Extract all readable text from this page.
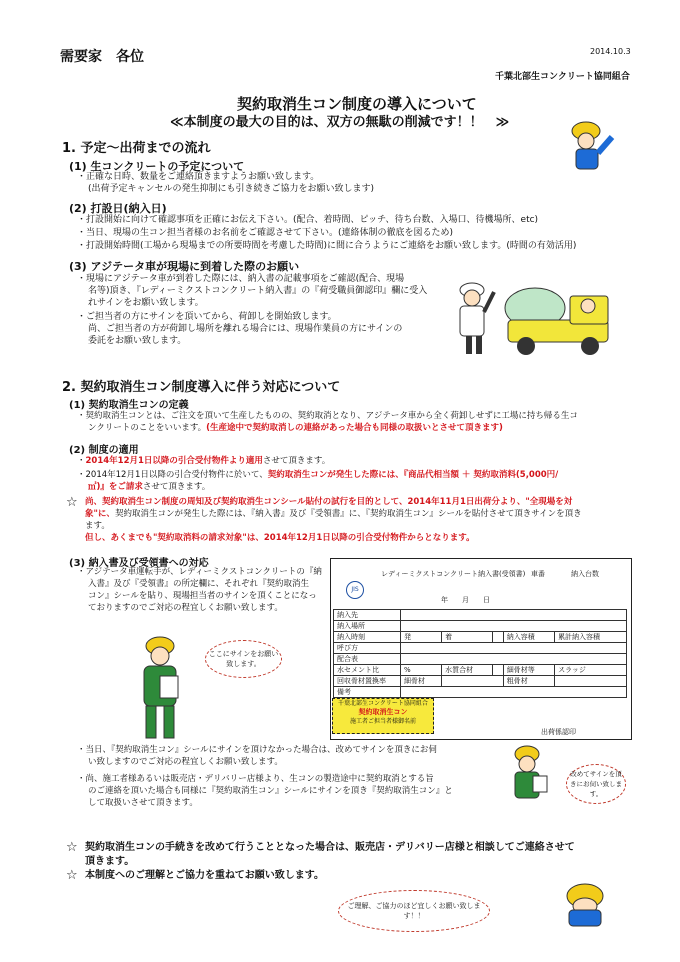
需要家　各位	2014.10.3
千葉北部生コンクリート協同組合
契約取消生コン制度の導入について
≪本制度の最大の目的は、双方の無駄の削減です！！　≫
1. 予定～出荷までの流れ
(1) 生コンクリートの予定について
・ 正確な日時、数量をご連絡頂きますようお願い致します。
(出荷予定キャンセルの発生抑制にも引き続きご協力をお願い致します)
(2) 打設日(納入日)
・ 打設開始に向けて確認事項を正確にお伝え下さい。(配合、着時間、ピッチ、待ち台数、入場口、待機場所、etc)
・ 当日、現場の生コン担当者様のお名前をご確認させて下さい。(連絡体制の徹底を図るため)
・ 打設開始時間(工場から現場までの所要時間を考慮した時間)に間に合うようにご連絡をお願い致します。(時間の有効活用)
(3) アジテータ車が現場に到着した際のお願い
・ 現場にアジテータ車が到着した際には、納入書の記載事項をご確認(配合、現場
名等)頂き、『レディーミクストコンクリート納入書』の『荷受職員御認印』欄に受入
れサインをお願い致します。
・ ご担当者の方にサインを頂いてから、荷卸しを開始致します。
尚、ご担当者の方が荷卸し場所を離れる場合には、現場作業員の方にサインの
委託をお願い致します。
2. 契約取消生コン制度導入に伴う対応について
(1) 契約取消生コンの定義
・ 契約取消生コンとは、ご注文を頂いて生産したものの、契約取消となり、アジテータ車から全く荷卸しせずに工場に持ち帰る生コ
ンクリートのことをいいます。(生産途中で契約取消しの連絡があった場合も同様の取扱いとさせて頂きます)
(2) 制度の適用
・ 2014年12月1日以降の引合受付物件より適用させて頂きます。
・ 2014年12月1日以降の引合受付物件に於いて、契約取消生コンが発生した際には、『商品代相当額 ＋ 契約取消料(5,000円/
㎥)』をご請求させて頂きます。
☆ 尚、契約取消生コン制度の周知及び契約取消生コンシール貼付の試行を目的として、2014年11月1日出荷分より、"全現場を対
象"に、契約取消生コンが発生した際には、『納入書』及び『受領書』に、『契約取消生コン』シールを貼付させて頂きサインを頂き
ます。
但し、あくまでも"契約取消料の請求対象"は、2014年12月1日以降の引合受付物件からとなります。
(3) 納入書及び受領書への対応
・ アジテータ車運転手が、レディーミクストコンクリートの『納
入書』及び『受領書』の所定欄に、それぞれ『契約取消生
コン』シールを貼り、現場担当者のサインを頂くことになっ
ておりますのでご対応の程宜しくお願い致します。
ここにサインをお願い致します。
レディーミクストコンクリート納入書(受領書) 車番	納入台数
JIS
年　　月　　日
納入先					
納入場所					
納入時刻	発	着		納入容積	累計納入容積
呼び方					
配合表					
水セメント比	%	水質合材		細骨材等	スラッジ
回収骨材置換率	細骨材			粗骨材	
備考					
出荷係認印
千葉北部生コンクリート協同組合
契約取消生コン
施工者ご担当者様御名前
・ 当日、『契約取消生コン』シールにサインを頂けなかった場合は、改めてサインを頂きにお伺
い致しますのでご対応の程宜しくお願い致します。
・ 尚、施工者様あるいは販売店・デリバリー店様より、生コンの製造途中に契約取消とする旨
のご連絡を頂いた場合も同様に『契約取消生コン』シールにサインを頂き『契約取消生コン』と
して取扱いさせて頂きます。
改めてサインを頂きにお伺い致します。
☆ 契約取消生コンの手続きを改めて行うこととなった場合は、販売店・デリバリー店様と相談してご連絡させて
頂きます。
☆ 本制度へのご理解とご協力を重ねてお願い致します。
ご理解、ご協力のほど宜しくお願い致します！！
